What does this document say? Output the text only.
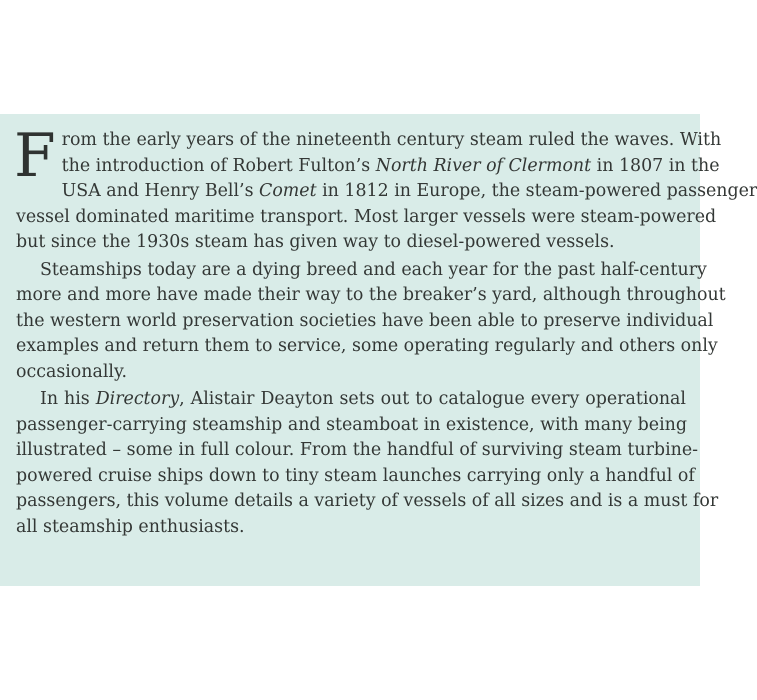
F rom the early years of the nineteenth century steam ruled the waves. With
the introduction of Robert Fulton’s North River of Clermont in 1807 in the
USA and Henry Bell’s Comet in 1812 in Europe, the steam-powered passenger
vessel dominated maritime transport. Most larger vessels were steam-powered
but since the 1930s steam has given way to diesel-powered vessels.
Steamships today are a dying breed and each year for the past half-century
more and more have made their way to the breaker’s yard, although throughout
the western world preservation societies have been able to preserve individual
examples and return them to service, some operating regularly and others only
occasionally.
In his Directory, Alistair Deayton sets out to catalogue every operational
passenger-carrying steamship and steamboat in existence, with many being
illustrated – some in full colour. From the handful of surviving steam turbine-
powered cruise ships down to tiny steam launches carrying only a handful of
passengers, this volume details a variety of vessels of all sizes and is a must for
all steamship enthusiasts.
